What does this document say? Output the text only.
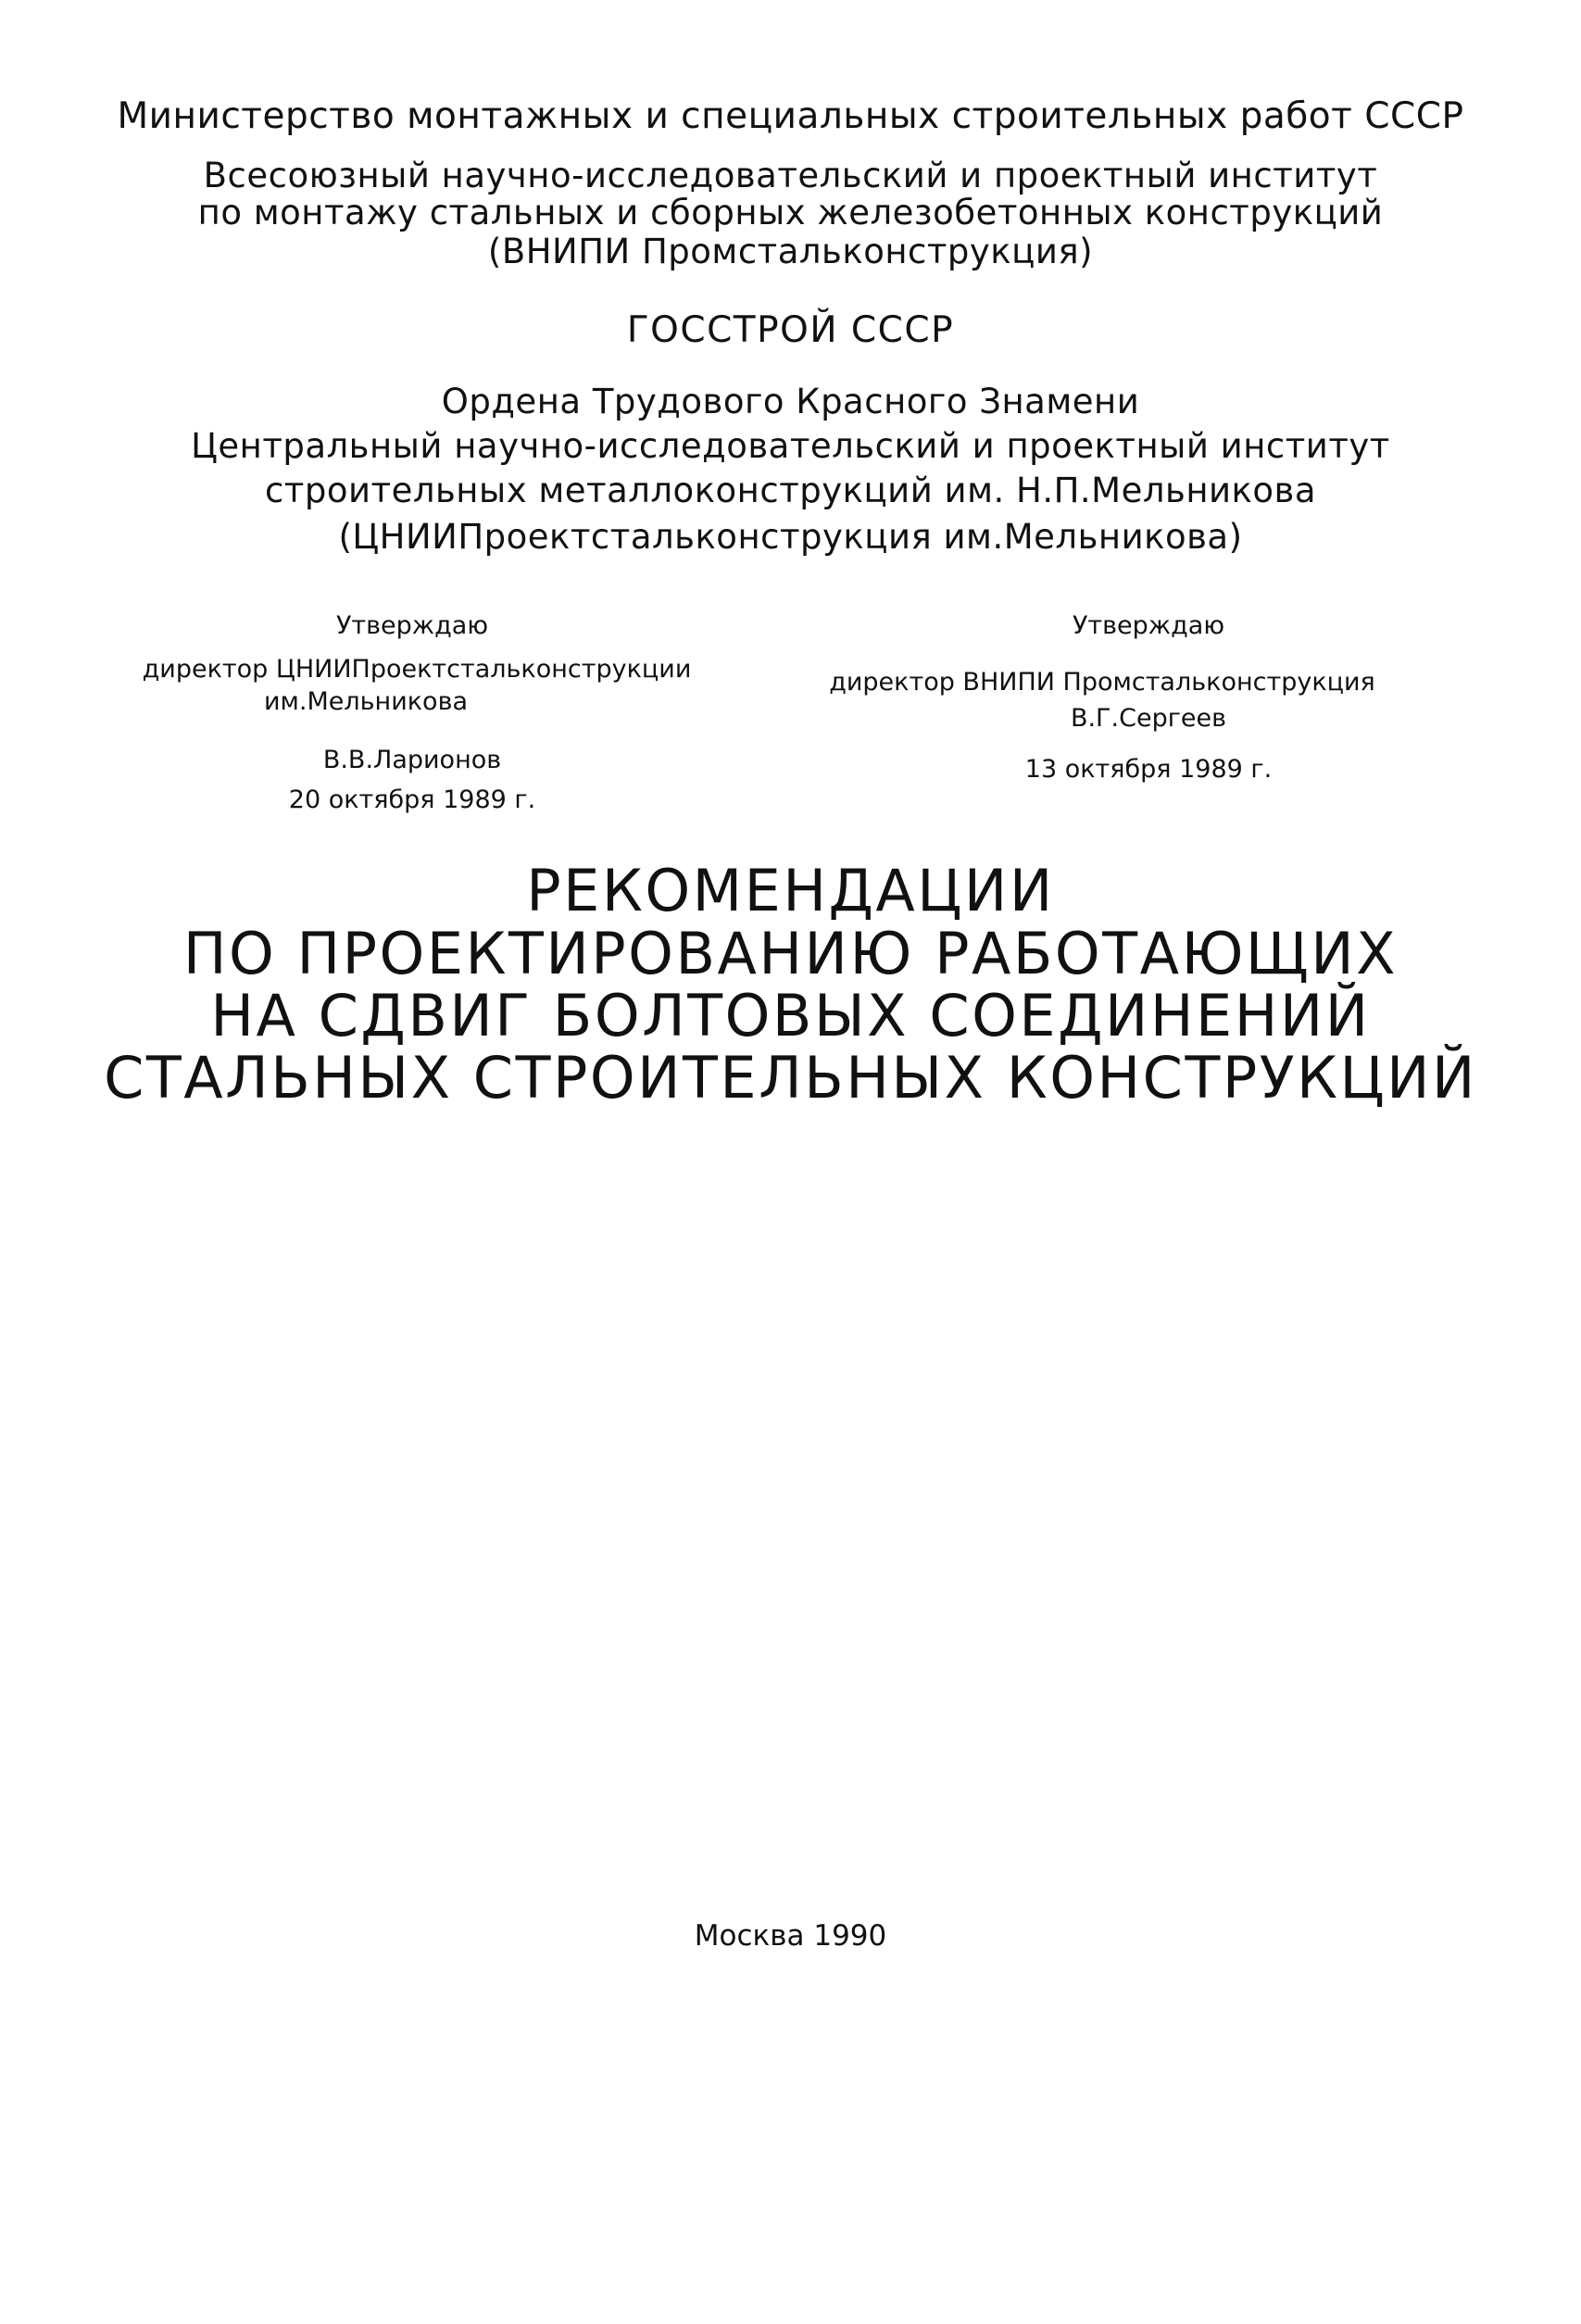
Министерство монтажных и специальных строительных работ СССР
Всесоюзный научно-исследовательский и проектный институт
по монтажу стальных и сборных железобетонных конструкций
(ВНИПИ Промстальконструкция)
ГОССТРОЙ СССР
Ордена Трудового Красного Знамени
Центральный научно-исследовательский и проектный институт
строительных металлоконструкций им. Н.П.Мельникова
(ЦНИИПроектстальконструкция им.Мельникова)
Утверждаю
директор ЦНИИПроектстальконструкции
им.Мельникова
В.В.Ларионов
20 октября 1989 г.
Утверждаю
директор ВНИПИ Промстальконструкция
В.Г.Сергеев
13 октября 1989 г.
РЕКОМЕНДАЦИИ
ПО ПРОЕКТИРОВАНИЮ РАБОТАЮЩИХ
НА СДВИГ БОЛТОВЫХ СОЕДИНЕНИЙ
СТАЛЬНЫХ СТРОИТЕЛЬНЫХ КОНСТРУКЦИЙ
Москва 1990
